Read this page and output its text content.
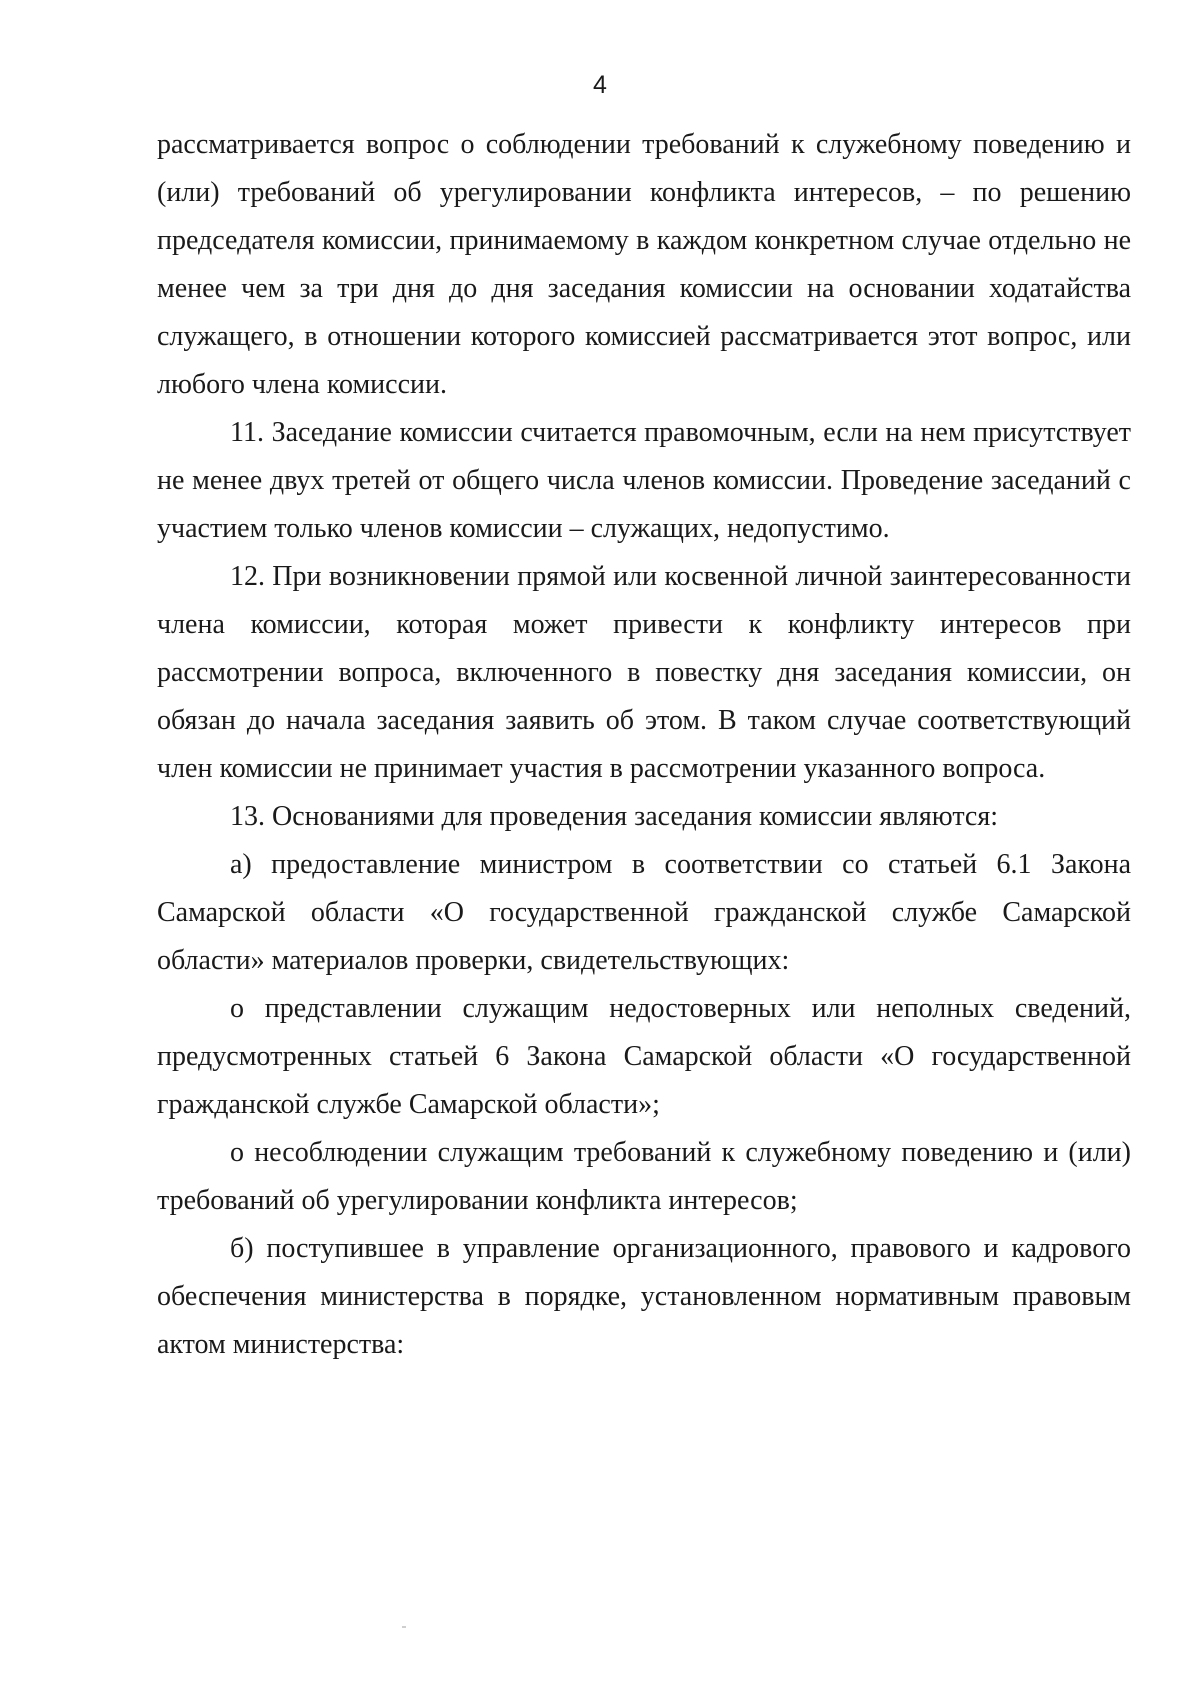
4

рассматривается вопрос о соблюдении требований к служебному поведению и (или) требований об урегулировании конфликта интересов, – по решению председателя комиссии, принимаемому в каждом конкретном случае отдельно не менее чем за три дня до дня заседания комиссии на основании ходатайства служащего, в отношении которого комиссией рассматривается этот вопрос, или любого члена комиссии.

11. Заседание комиссии считается правомочным, если на нем присутствует не менее двух третей от общего числа членов комиссии. Проведение заседаний с участием только членов комиссии – служащих, недопустимо.

12. При возникновении прямой или косвенной личной заинтересованности члена комиссии, которая может привести к конфликту интересов при рассмотрении вопроса, включенного в повестку дня заседания комиссии, он обязан до начала заседания заявить об этом. В таком случае соответствующий член комиссии не принимает участия в рассмотрении указанного вопроса.

13. Основаниями для проведения заседания комиссии являются:

а) предоставление министром в соответствии со статьей 6.1 Закона Самарской области «О государственной гражданской службе Самарской области» материалов проверки, свидетельствующих:

о представлении служащим недостоверных или неполных сведений, предусмотренных статьей 6 Закона Самарской области «О государственной гражданской службе Самарской области»;

о несоблюдении служащим требований к служебному поведению и (или) требований об урегулировании конфликта интересов;

б) поступившее в управление организационного, правового и кадрового обеспечения министерства в порядке, установленном нормативным правовым актом министерства:
